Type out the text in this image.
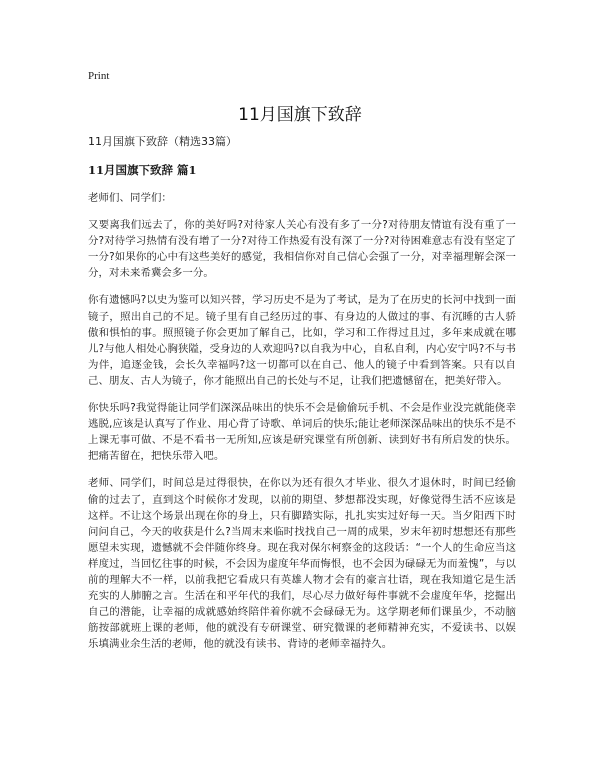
Print
11月国旗下致辞

11月国旗下致辞（精选33篇）

11月国旗下致辞 篇1

老师们、同学们：

又要离我们远去了，你的美好吗?对待家人关心有没有多了一分?对待朋友情谊有没有重了一分?对待学习热情有没有增了一分?对待工作热爱有没有深了一分?对待困难意志有没有坚定了一分?如果你的心中有这些美好的感觉，我相信你对自己信心会强了一分，对幸福理解会深一分，对未来希冀会多一分。

你有遗憾吗?以史为鉴可以知兴替，学习历史不是为了考试，是为了在历史的长河中找到一面镜子，照出自己的不足。镜子里有自己经历过的事、有身边的人做过的事、有沉睡的古人骄傲和惧怕的事。照照镜子你会更加了解自己，比如，学习和工作得过且过，多年来成就在哪儿?与他人相处心胸狭隘，受身边的人欢迎吗?以自我为中心，自私自利，内心安宁吗?不与书为伴，追逐金钱，会长久幸福吗?这一切都可以在自己、他人的镜子中看到答案。只有以自己、朋友、古人为镜子，你才能照出自己的长处与不足，让我们把遗憾留在，把美好带入。

你快乐吗?我觉得能让同学们深深品味出的快乐不会是偷偷玩手机、不会是作业没完就能侥幸逃脱,应该是认真写了作业、用心背了诗歌、单词后的快乐;能让老师深深品味出的快乐不是不上课无事可做、不是不看书一无所知,应该是研究课堂有所创新、读到好书有所启发的快乐。把痛苦留在，把快乐带入吧。

老师、同学们，时间总是过得很快，在你以为还有很久才毕业、很久才退休时，时间已经偷偷的过去了，直到这个时候你才发现，以前的期望、梦想都没实现，好像觉得生活不应该是这样。不让这个场景出现在你的身上，只有脚踏实际，扎扎实实过好每一天。当夕阳西下时问问自己，今天的收获是什么?当周末来临时找找自己一周的成果，岁末年初时想想还有那些愿望未实现，遗憾就不会伴随你终身。现在我对保尔柯察金的这段话：“一个人的生命应当这样度过，当回忆往事的时候，不会因为虚度年华而悔恨，也不会因为碌碌无为而羞愧”，与以前的理解大不一样，以前我把它看成只有英雄人物才会有的豪言壮语，现在我知道它是生活充实的人肺腑之言。生活在和平年代的我们，尽心尽力做好每件事就不会虚度年华，挖掘出自己的潜能，让幸福的成就感始终陪伴着你就不会碌碌无为。这学期老师们课虽少，不动脑筋按部就班上课的老师，他的就没有专研课堂、研究微课的老师精神充实，不爱读书、以娱乐填满业余生活的老师，他的就没有读书、背诗的老师幸福持久。
